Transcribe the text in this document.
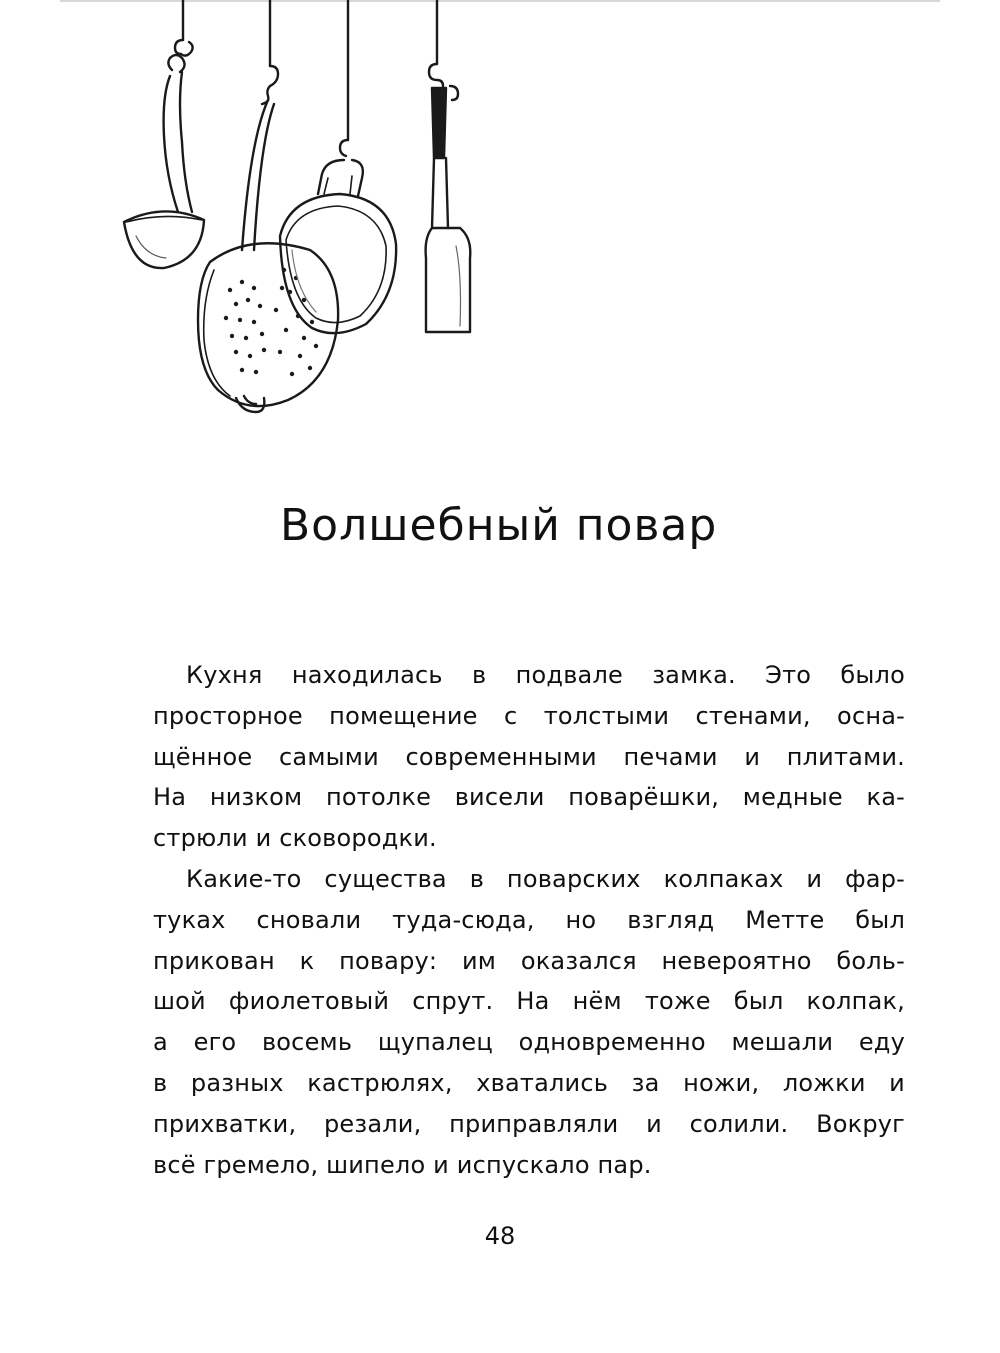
Волшебный повар

Кухня находилась в подвале замка. Это было
просторное помещение с толстыми стенами, осна-
щённое самыми современными печами и плитами.
На низком потолке висели поварёшки, медные ка-
стрюли и сковородки.

Какие-то существа в поварских колпаках и фар-
туках сновали туда-сюда, но взгляд Метте был
прикован к повару: им оказался невероятно боль-
шой фиолетовый спрут. На нём тоже был колпак,
а его восемь щупалец одновременно мешали еду
в разных кастрюлях, хватались за ножи, ложки и
прихватки, резали, приправляли и солили. Вокруг
всё гремело, шипело и испускало пар.

48
